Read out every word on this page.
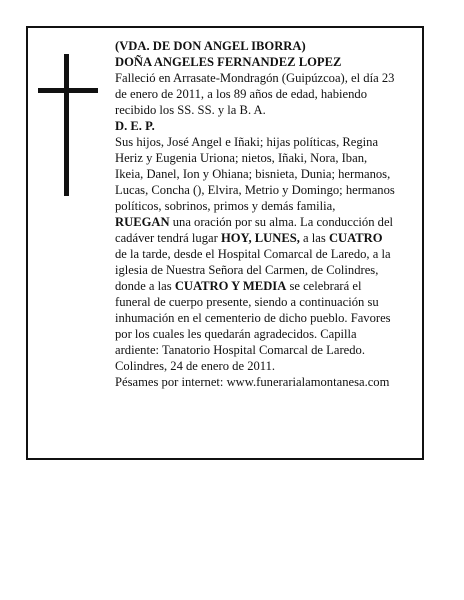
(VDA. DE DON ANGEL IBORRA)
DOÑA ANGELES FERNANDEZ LOPEZ
Falleció en Arrasate-Mondragón (Guipúzcoa), el día 23
de enero de 2011, a los 89 años de edad, habiendo
recibido los SS. SS. y la B. A.
D. E. P.
Sus hijos, José Angel e Iñaki; hijas políticas, Regina
Heriz y Eugenia Uriona; nietos, Iñaki, Nora, Iban,
Ikeia, Danel, Ion y Ohiana; bisnieta, Dunia; hermanos,
Lucas, Concha (), Elvira, Metrio y Domingo; hermanos
políticos, sobrinos, primos y demás familia,
RUEGAN una oración por su alma. La conducción del
cadáver tendrá lugar HOY, LUNES, a las CUATRO
de la tarde, desde el Hospital Comarcal de Laredo, a la
iglesia de Nuestra Señora del Carmen, de Colindres,
donde a las CUATRO Y MEDIA se celebrará el
funeral de cuerpo presente, siendo a continuación su
inhumación en el cementerio de dicho pueblo. Favores
por los cuales les quedarán agradecidos. Capilla
ardiente: Tanatorio Hospital Comarcal de Laredo.
Colindres, 24 de enero de 2011.
Pésames por internet: www.funerarialamontanesa.com
